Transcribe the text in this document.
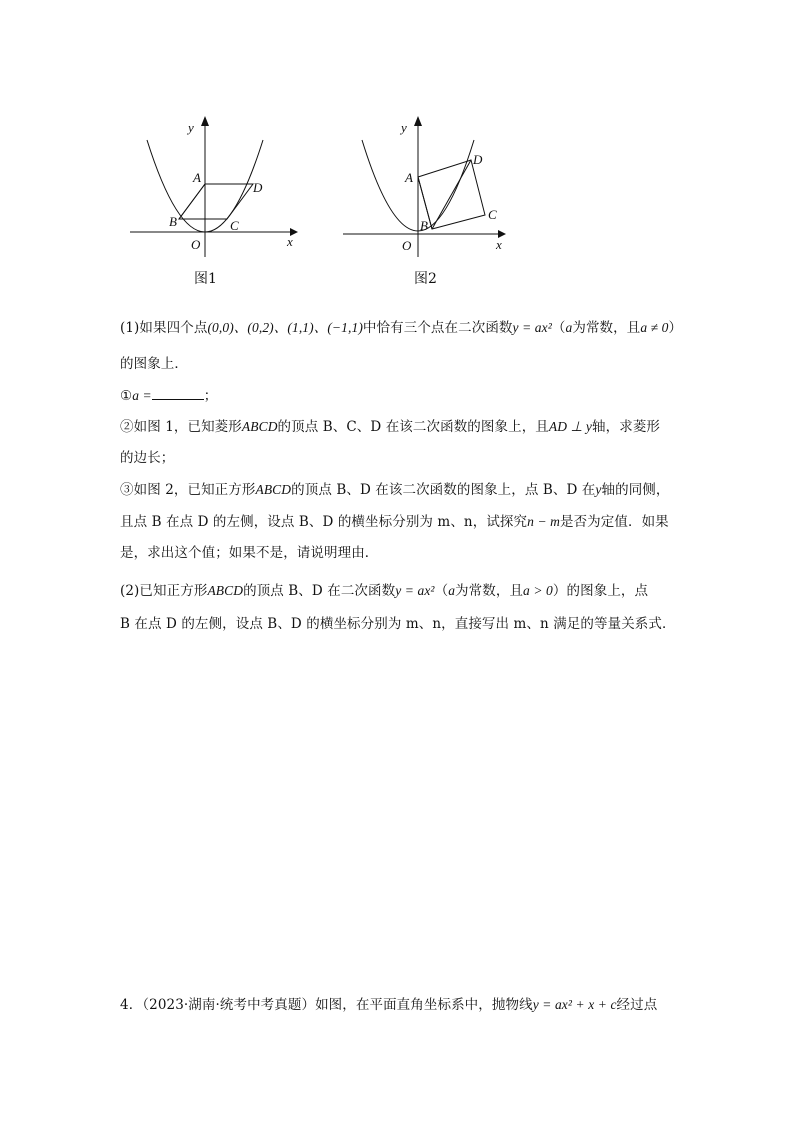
y
x
O
A
B	C
D
图1
y
x
O
A
B
C
D
图2
(1)如果四个点(0,0)、(0,2)、(1,1)、(−1,1)中恰有三个点在二次函数y = ax²（a为常数，且a ≠ 0）
的图象上．
①a =	；
②如图 1，已知菱形ABCD的顶点 B、C、D 在该二次函数的图象上，且AD ⊥ y轴，求菱形
的边长；
③如图 2，已知正方形ABCD的顶点 B、D 在该二次函数的图象上，点 B、D 在y轴的同侧，
且点 B 在点 D 的左侧，设点 B、D 的横坐标分别为 m、n，试探究n − m是否为定值．如果
是，求出这个值；如果不是，请说明理由．
(2)已知正方形ABCD的顶点 B、D 在二次函数y = ax²（a为常数，且a > 0）的图象上，点
B 在点 D 的左侧，设点 B、D 的横坐标分别为 m、n，直接写出 m、n 满足的等量关系式．
4．（2023·湖南·统考中考真题）如图，在平面直角坐标系中，抛物线y = ax² + x + c经过点
